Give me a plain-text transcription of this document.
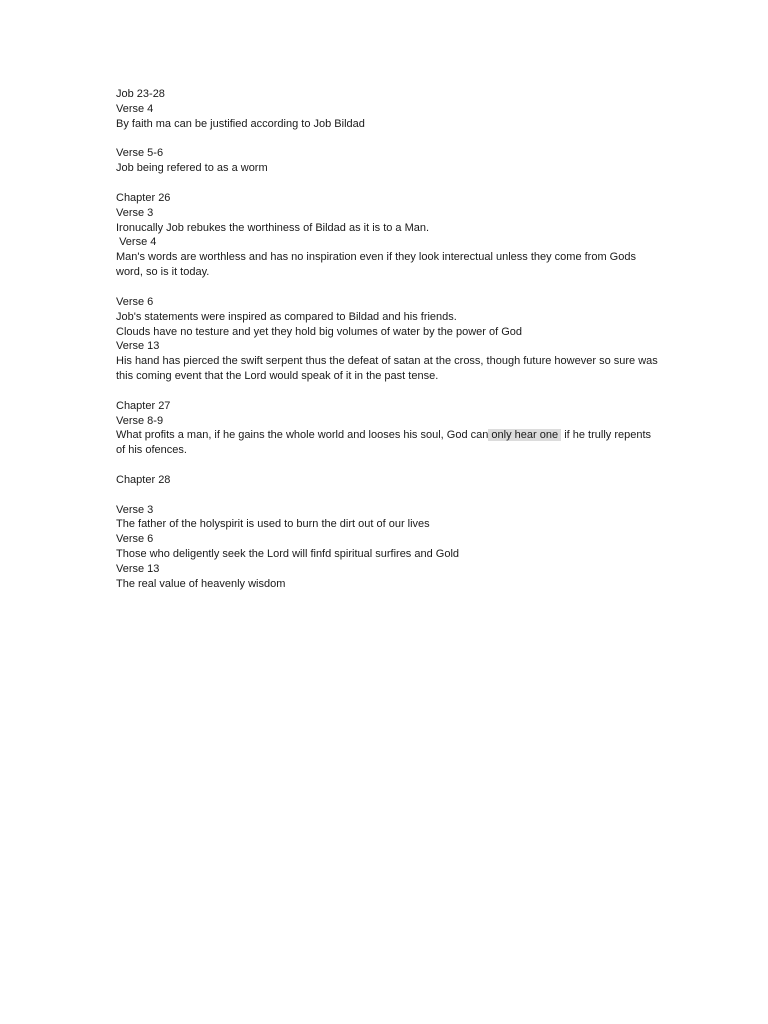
Job 23-28
Verse 4
By faith ma can be justified according to Job Bildad
Verse 5-6
Job being refered to as a worm
Chapter 26
Verse 3
Ironucally Job rebukes the worthiness of Bildad as it is to a Man.
Verse 4
Man's words are worthless and has no inspiration even if they look interectual unless they come from Gods word, so is it today.
Verse 6
Job's statements were inspired as compared to Bildad and his friends.
Clouds have no testure and yet they hold big volumes of water by the power of God
Verse 13
His hand has pierced the swift serpent thus the defeat of satan at the cross, though future however so sure was this coming event that the Lord would speak of it in the past tense.
Chapter 27
Verse 8-9
What profits a man, if he gains the whole world and looses his soul, God can only hear one  if he trully repents of his ofences.
Chapter 28
Verse 3
The father of the holyspirit is used to burn the dirt out of our lives
Verse 6
Those who deligently seek the Lord will finfd spiritual surfires and Gold
Verse 13
The real value of heavenly wisdom
